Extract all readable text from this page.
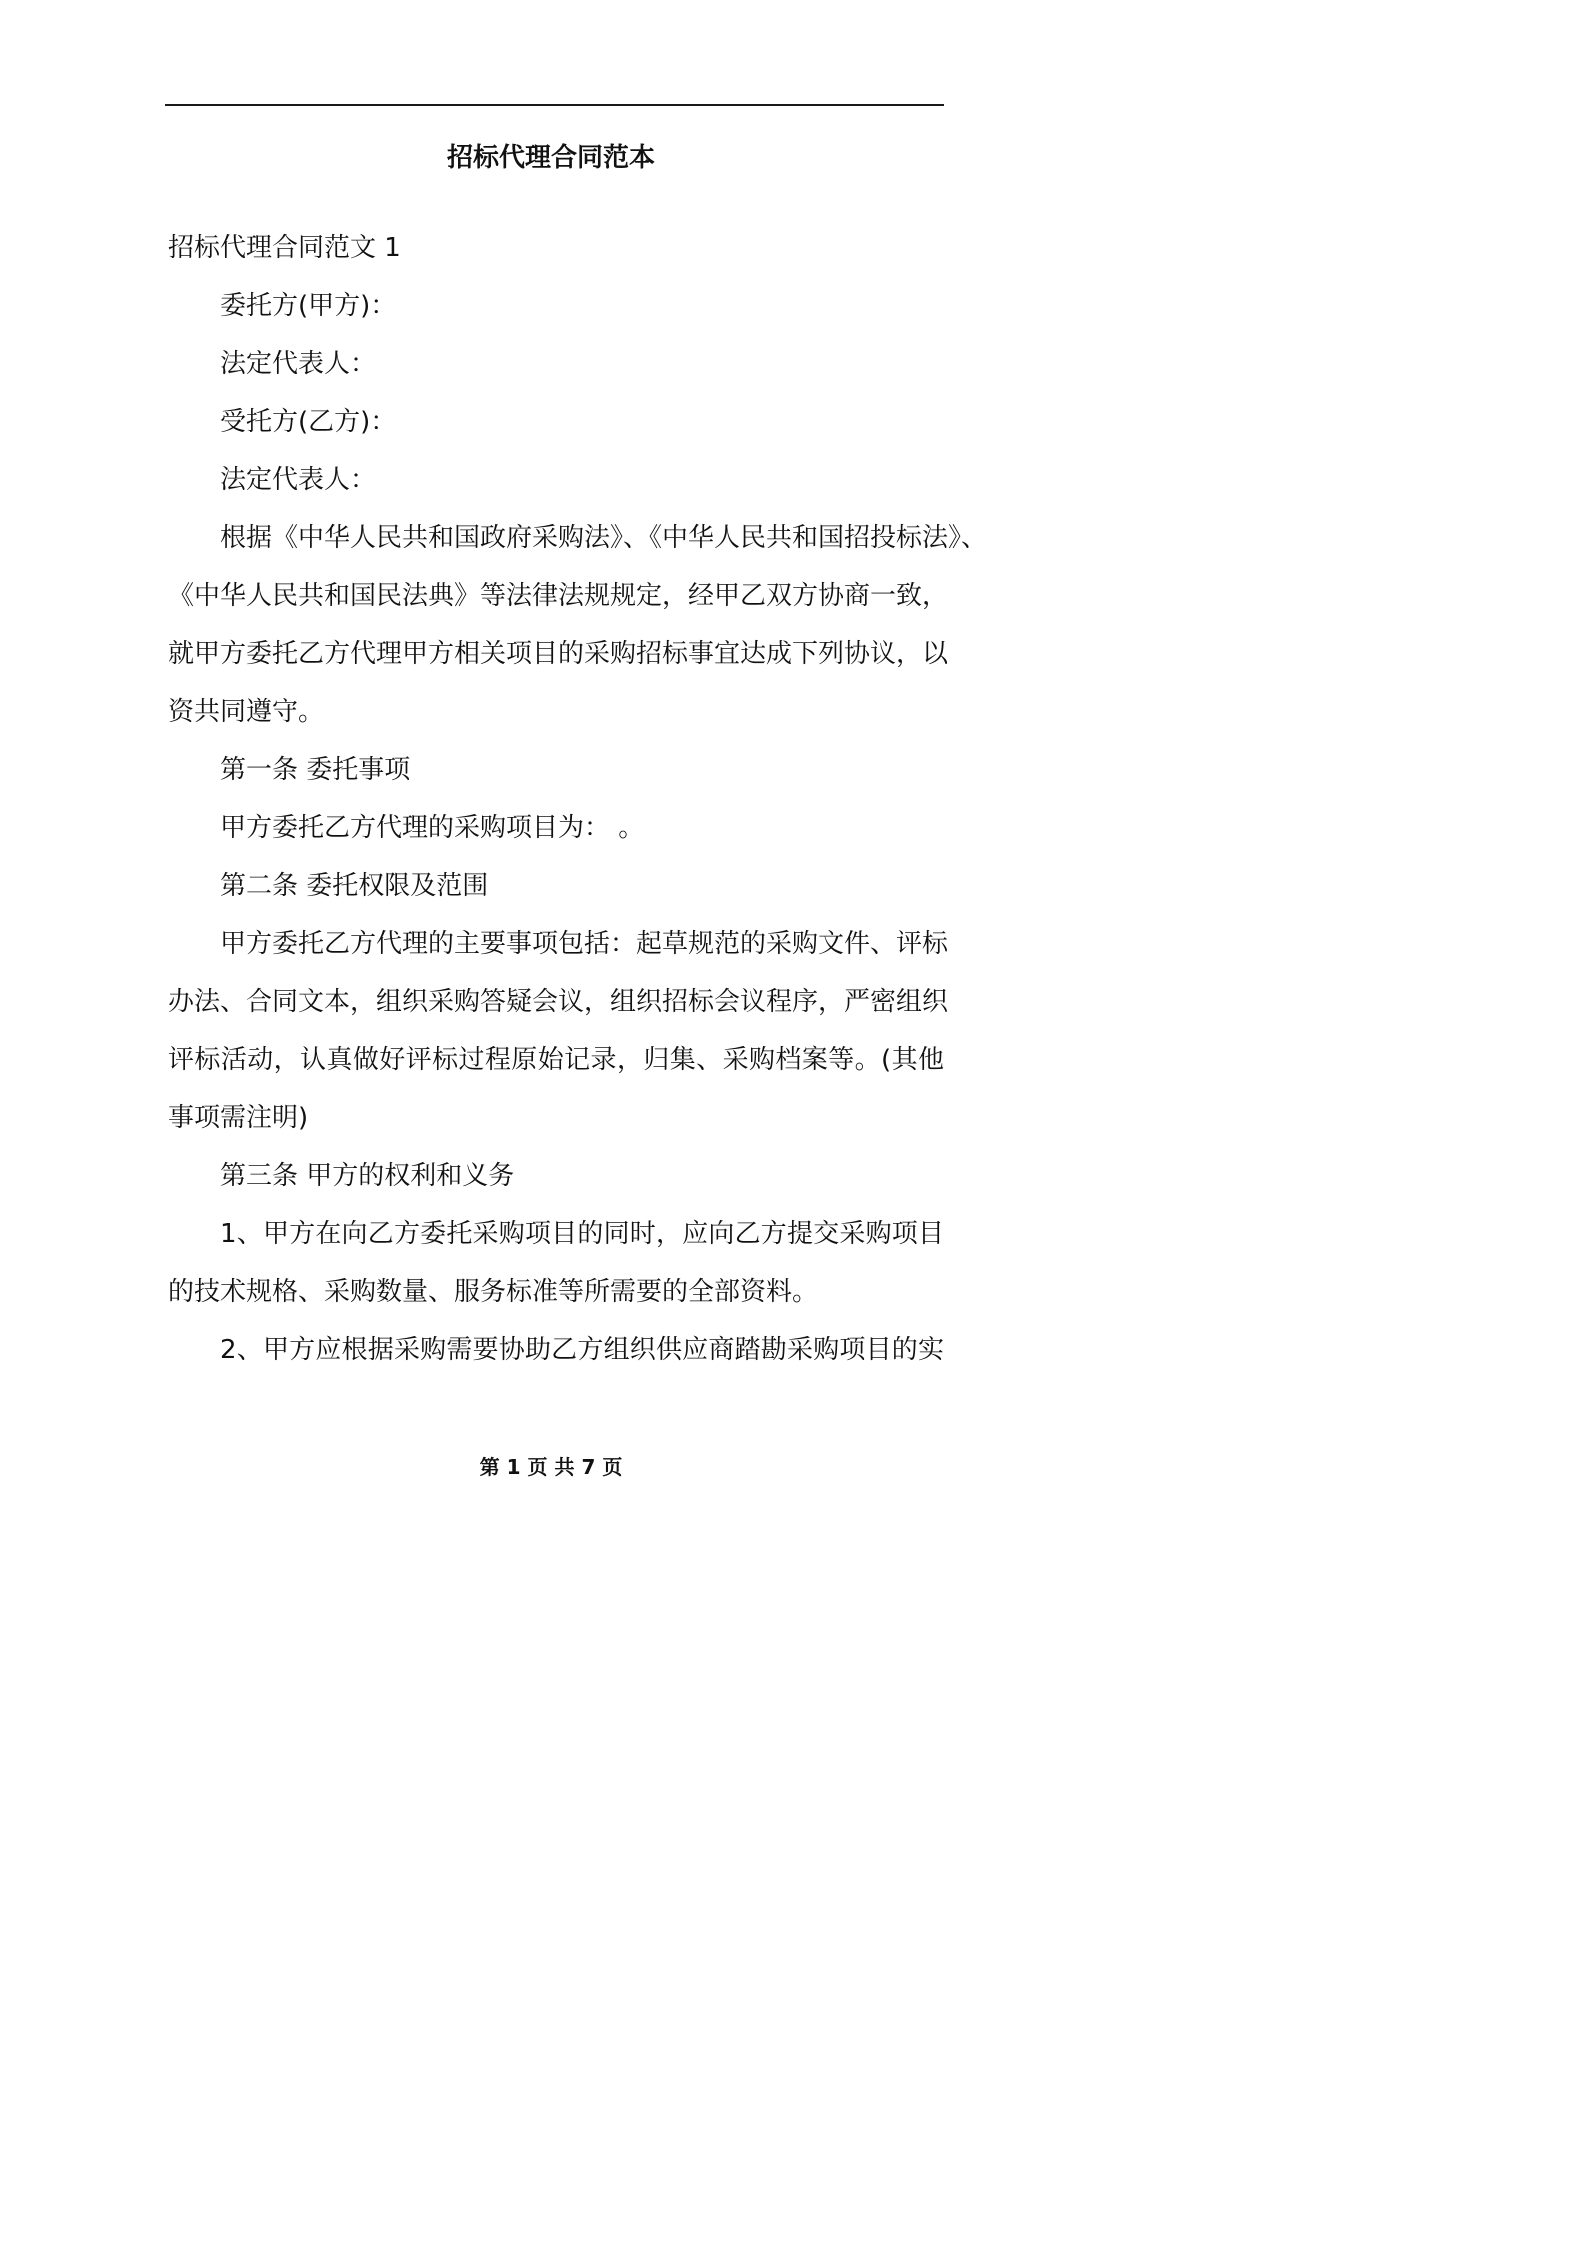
招标代理合同范本
招标代理合同范文 1
委托方(甲方)：
法定代表人：
受托方(乙方)：
法定代表人：
根据《中华人民共和国政府采购法》、《中华人民共和国招投标法》、
《中华人民共和国民法典》等法律法规规定，经甲乙双方协商一致，
就甲方委托乙方代理甲方相关项目的采购招标事宜达成下列协议，以
资共同遵守。
第一条 委托事项
甲方委托乙方代理的采购项目为： 。
第二条 委托权限及范围
甲方委托乙方代理的主要事项包括：起草规范的采购文件、评标
办法、合同文本，组织采购答疑会议，组织招标会议程序，严密组织
评标活动，认真做好评标过程原始记录，归集、采购档案等。(其他
事项需注明)
第三条 甲方的权利和义务
1、甲方在向乙方委托采购项目的同时，应向乙方提交采购项目
的技术规格、采购数量、服务标准等所需要的全部资料。
2、甲方应根据采购需要协助乙方组织供应商踏勘采购项目的实
第 1 页 共 7 页
